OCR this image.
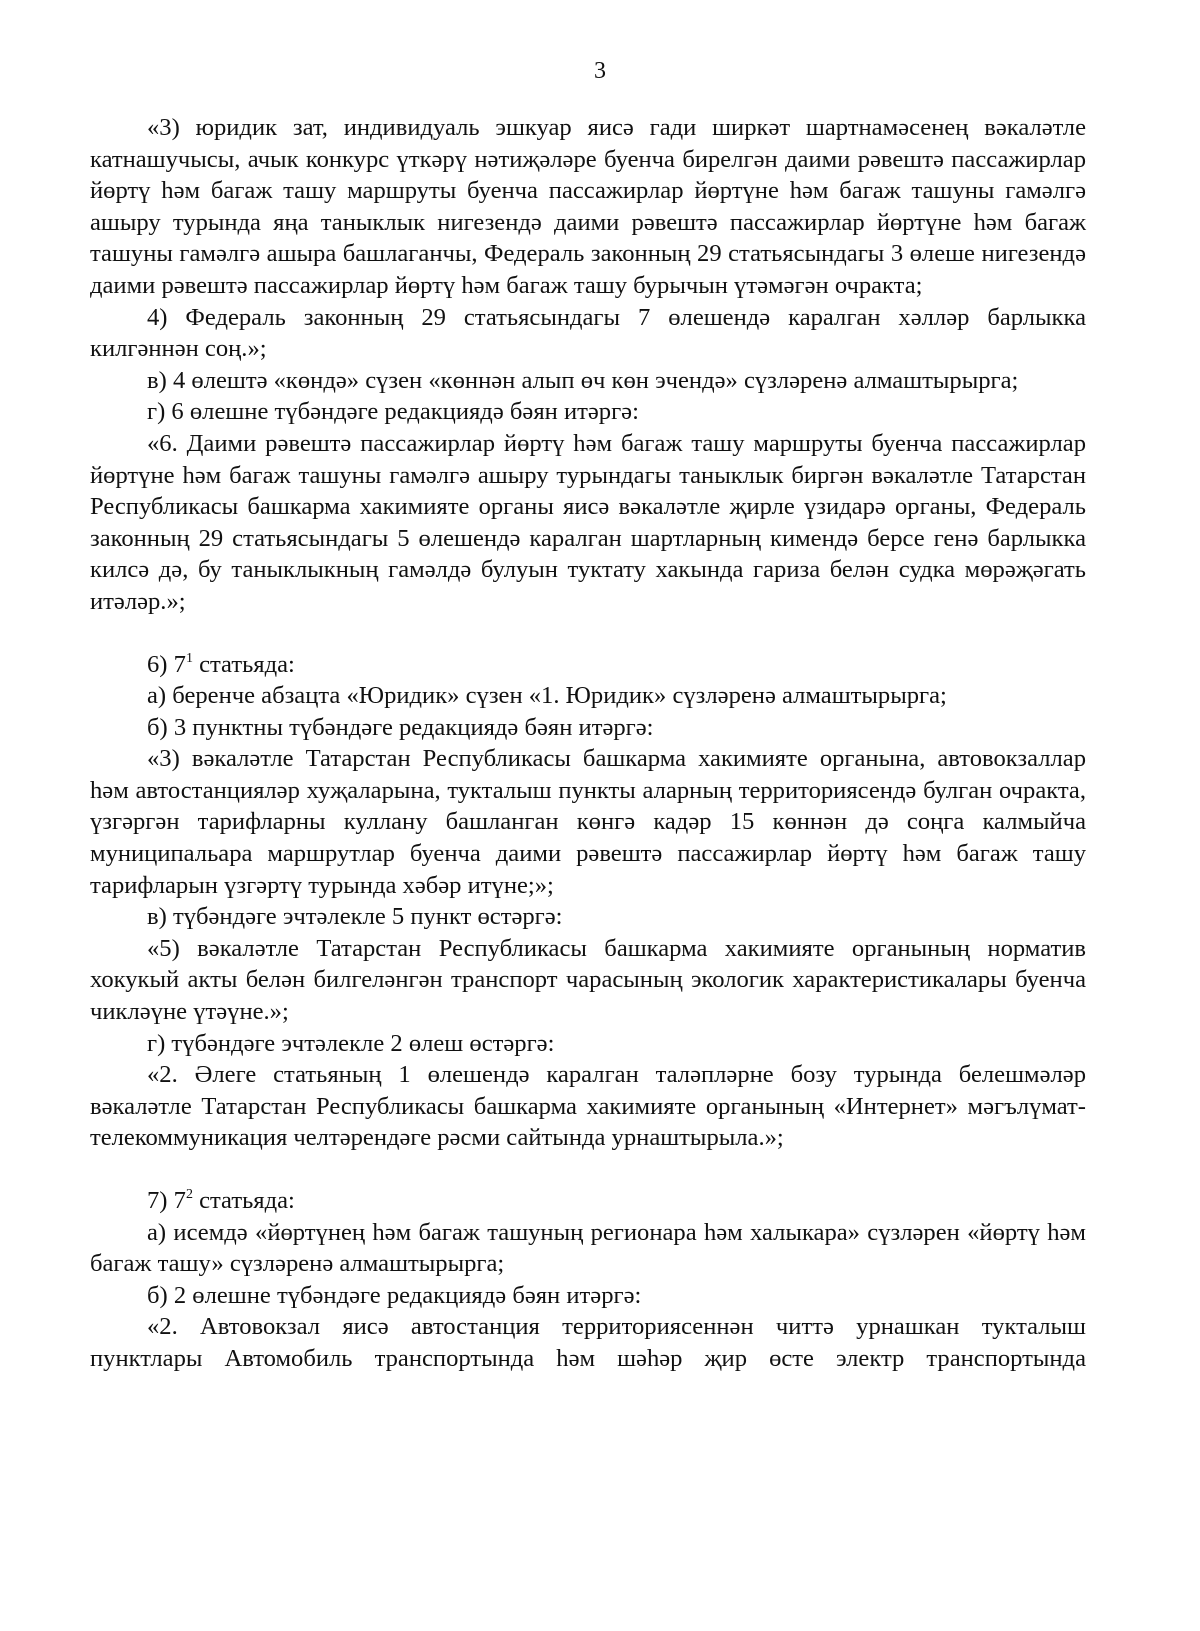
3

«3) юридик зат, индивидуаль эшкуар яисә гади ширкәт шартнамәсенең вәкаләтле катнашучысы, ачык конкурс үткәрү нәтиҗәләре буенча бирелгән даими рәвештә пассажирлар йөртү һәм багаж ташу маршруты буенча пассажирлар йөртүне һәм багаж ташуны гамәлгә ашыру турында яңа таныклык нигезендә даими рәвештә пассажирлар йөртүне һәм багаж ташуны гамәлгә ашыра башлаганчы, Федераль законның 29 статьясындагы 3 өлеше нигезендә даими рәвештә пассажирлар йөртү һәм багаж ташу бурычын үтәмәгән очракта;

4) Федераль законның 29 статьясындагы 7 өлешендә каралган хәлләр барлыкка килгәннән соң.»;

в) 4 өлештә «көндә» сүзен «көннән алып өч көн эчендә» сүзләренә алмаштырырга;

г) 6 өлешне түбәндәге редакциядә бәян итәргә:

«6. Даими рәвештә пассажирлар йөртү һәм багаж ташу маршруты буенча пассажирлар йөртүне һәм багаж ташуны гамәлгә ашыру турындагы таныклык биргән вәкаләтле Татарстан Республикасы башкарма хакимияте органы яисә вәкаләтле җирле үзидарә органы, Федераль законның 29 статьясындагы 5 өлешендә каралган шартларның кимендә берсе генә барлыкка килсә дә, бу таныклыкның гамәлдә булуын туктату хакында гариза белән судка мөрәҗәгать итәләр.»;

6) $7^1$ статьяда:

а) беренче абзацта «Юридик» сүзен «1. Юридик» сүзләренә алмаштырырга;

б) 3 пунктны түбәндәге редакциядә бәян итәргә:

«3) вәкаләтле Татарстан Республикасы башкарма хакимияте органына, автовокзаллар һәм автостанцияләр хуҗаларына, тукталыш пункты аларның территориясендә булган очракта, үзгәргән тарифларны куллану башланган көнгә кадәр 15 көннән дә соңга калмыйча муниципальара маршрутлар буенча даими рәвештә пассажирлар йөртү һәм багаж ташу тарифларын үзгәртү турында хәбәр итүне;»;

в) түбәндәге эчтәлекле 5 пункт өстәргә:

«5) вәкаләтле Татарстан Республикасы башкарма хакимияте органының норматив хокукый акты белән билгеләнгән транспорт чарасының экологик характеристикалары буенча чикләүне үтәүне.»;

г) түбәндәге эчтәлекле 2 өлеш өстәргә:

«2. Әлеге статьяның 1 өлешендә каралган таләпләрне бозу турында белешмәләр вәкаләтле Татарстан Республикасы башкарма хакимияте органының «Интернет» мәгълүмат-телекоммуникация челтәрендәге рәсми сайтында урнаштырыла.»;

7) $7^2$ статьяда:

а) исемдә «йөртүнең һәм багаж ташуның регионара һәм халыкара» сүзләрен «йөртү һәм багаж ташу» сүзләренә алмаштырырга;

б) 2 өлешне түбәндәге редакциядә бәян итәргә:

«2. Автовокзал яисә автостанция территориясеннән читтә урнашкан тукталыш пунктлары Автомобиль транспортында һәм шәһәр җир өсте электр транспортында
